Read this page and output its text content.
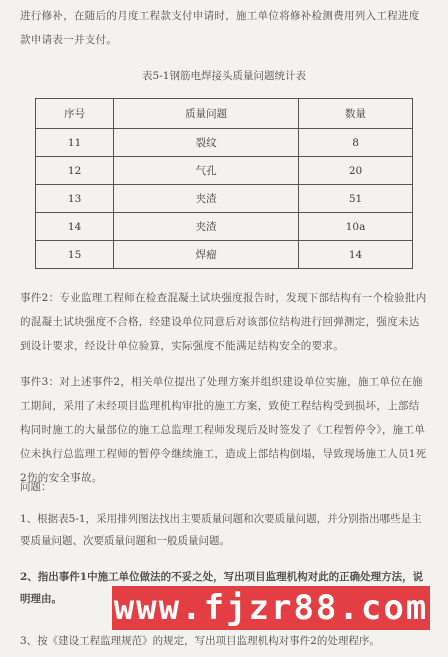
进行修补，在随后的月度工程款支付申请时，施工单位将修补检测费用列入工程进度款申请表一并支付。
表5-1钢筋电焊接头质量问题统计表
序号	质量问题	数量
11	裂纹	8
12	气孔	20
13	夹渣	51
14	夹渣	10a
15	焊瘤	14
事件2：专业监理工程师在检查混凝土试块强度报告时，发现下部结构有一个检验批内的混凝土试块强度不合格，经建设单位同意后对该部位结构进行回弹测定，强度未达到设计要求，经设计单位验算，实际强度不能满足结构安全的要求。
事件3：对上述事件2，相关单位提出了处理方案并组织建设单位实施，施工单位在施工期间，采用了未经项目监理机构审批的施工方案，致使工程结构受到损坏，上部结构同时施工的大量部位的施工总监理工程师发现后及时签发了《工程暂停令》，施工单位未执行总监理工程师的暂停令继续施工，造成上部结构倒塌，导致现场施工人员1死2伤的安全事故。
问题：
1、根据表5-1，采用排列图法找出主要质量问题和次要质量问题，并分别指出哪些是主要质量问题、次要质量问题和一般质量问题。
2、指出事件1中施工单位做法的不妥之处，写出项目监理机构对此的正确处理方法，说明理由。
3、按《建设工程监理规范》的规定，写出项目监理机构对事件2的处理程序。
www.fjzr88.com
